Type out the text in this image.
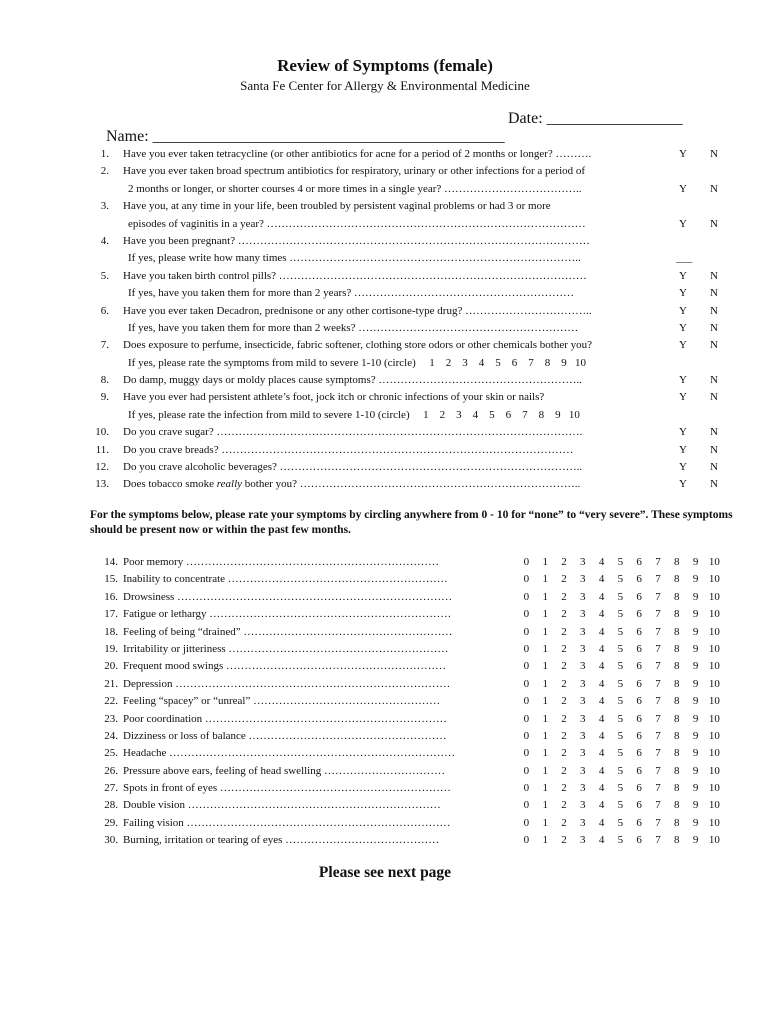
Review of Symptoms (female)
Santa Fe Center for Allergy & Environmental Medicine

Name: ____________________________________________

Date: _________________

1. Have you ever taken tetracycline (or other antibiotics for acne for a period of 2 months or longer? ……….	Y N
2. Have you ever taken broad spectrum antibiotics for respiratory, urinary or other infections for a period of
2 months or longer, or shorter courses 4 or more times in a single year? ………………………………..	Y N
3. Have you, at any time in your life, been troubled by persistent vaginal problems or had 3 or more
episodes of vaginitis in a year? ……………………………………………………………………………	Y N
4. Have you been pregnant? ……………………………………………………………………………………
If yes, please write how many times ……………………………………………………………………..	___
5. Have you taken birth control pills? …………………………………………………………………………	Y N
If yes, have you taken them for more than 2 years? ……………………………………………………	Y N
6. Have you ever taken Decadron, prednisone or any other cortisone-type drug? ……………………………..	Y N
If yes, have you taken them for more than 2 weeks? ……………………………………………………	Y N
7. Does exposure to perfume, insecticide, fabric softener, clothing store odors or other chemicals bother you?	Y N
If yes, please rate the symptoms from mild to severe 1-10 (circle) 1 2 3 4 5 6 7 8 9 10
8. Do damp, muggy days or moldy places cause symptoms? ………………………………………………..	Y N
9. Have you ever had persistent athlete’s foot, jock itch or chronic infections of your skin or nails?	Y N
If yes, please rate the infection from mild to severe 1-10 (circle) 1 2 3 4 5 6 7 8 9 10
10. Do you crave sugar? ……………………………………………………………………………………….	Y N
11. Do you crave breads? ……………………………………………………………………………………	Y N
12. Do you crave alcoholic beverages? ………………………………………………………………………..	Y N
13. Does tobacco smoke really bother you? …………………………………………………………………..	Y N
For the symptoms below, please rate your symptoms by circling anywhere from 0 - 10 for “none” to “very severe”. These symptoms should be present now or within the past few months.
14. Poor memory ……………………………………………………………	0 1 2 3 4 5 6 7 8 9 10
15. Inability to concentrate ……………………………………………………	0 1 2 3 4 5 6 7 8 9 10
16. Drowsiness …………………………………………………………………	0 1 2 3 4 5 6 7 8 9 10
17. Fatigue or lethargy …………………………………………………………	0 1 2 3 4 5 6 7 8 9 10
18. Feeling of being “drained” …………………………………………………	0 1 2 3 4 5 6 7 8 9 10
19. Irritability or jitteriness ……………………………………………………	0 1 2 3 4 5 6 7 8 9 10
20. Frequent mood swings ……………………………………………………	0 1 2 3 4 5 6 7 8 9 10
21. Depression …………………………………………………………………	0 1 2 3 4 5 6 7 8 9 10
22. Feeling “spacey” or “unreal” ……………………………………………	0 1 2 3 4 5 6 7 8 9 10
23. Poor coordination …………………………………………………………	0 1 2 3 4 5 6 7 8 9 10
24. Dizziness or loss of balance ………………………………………………	0 1 2 3 4 5 6 7 8 9 10
25. Headache ……………………………………………………………………	0 1 2 3 4 5 6 7 8 9 10
26. Pressure above ears, feeling of head swelling ……………………………	0 1 2 3 4 5 6 7 8 9 10
27. Spots in front of eyes ………………………………………………………	0 1 2 3 4 5 6 7 8 9 10
28. Double vision ……………………………………………………………	0 1 2 3 4 5 6 7 8 9 10
29. Failing vision ………………………………………………………………	0 1 2 3 4 5 6 7 8 9 10
30. Burning, irritation or tearing of eyes ……………………………………	0 1 2 3 4 5 6 7 8 9 10
Please see next page
